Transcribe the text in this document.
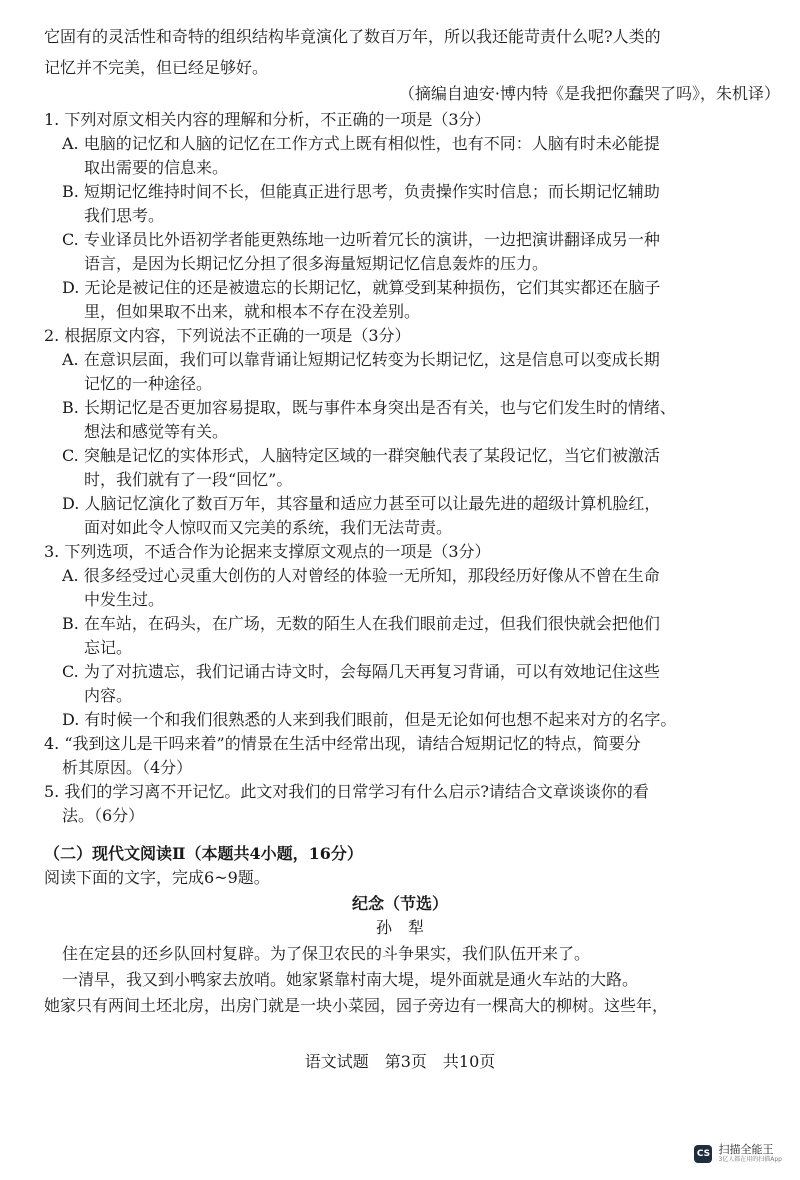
它固有的灵活性和奇特的组织结构毕竟演化了数百万年，所以我还能苛责什么呢?人类的
记忆并不完美，但已经足够好。
（摘编自迪安·博内特《是我把你蠢哭了吗》，朱机译）
1. 下列对原文相关内容的理解和分析，不正确的一项是（3分）
A. 电脑的记忆和人脑的记忆在工作方式上既有相似性，也有不同：人脑有时未必能提
取出需要的信息来。
B. 短期记忆维持时间不长，但能真正进行思考，负责操作实时信息；而长期记忆辅助
我们思考。
C. 专业译员比外语初学者能更熟练地一边听着冗长的演讲，一边把演讲翻译成另一种
语言，是因为长期记忆分担了很多海量短期记忆信息轰炸的压力。
D. 无论是被记住的还是被遗忘的长期记忆，就算受到某种损伤，它们其实都还在脑子
里，但如果取不出来，就和根本不存在没差别。
2. 根据原文内容，下列说法不正确的一项是（3分）
A. 在意识层面，我们可以靠背诵让短期记忆转变为长期记忆，这是信息可以变成长期
记忆的一种途径。
B. 长期记忆是否更加容易提取，既与事件本身突出是否有关，也与它们发生时的情绪、
想法和感觉等有关。
C. 突触是记忆的实体形式，人脑特定区域的一群突触代表了某段记忆，当它们被激活
时，我们就有了一段“回忆”。
D. 人脑记忆演化了数百万年，其容量和适应力甚至可以让最先进的超级计算机脸红，
面对如此令人惊叹而又完美的系统，我们无法苛责。
3. 下列选项，不适合作为论据来支撑原文观点的一项是（3分）
A. 很多经受过心灵重大创伤的人对曾经的体验一无所知，那段经历好像从不曾在生命
中发生过。
B. 在车站，在码头，在广场，无数的陌生人在我们眼前走过，但我们很快就会把他们
忘记。
C. 为了对抗遗忘，我们记诵古诗文时，会每隔几天再复习背诵，可以有效地记住这些
内容。
D. 有时候一个和我们很熟悉的人来到我们眼前，但是无论如何也想不起来对方的名字。
4. “我到这儿是干吗来着”的情景在生活中经常出现，请结合短期记忆的特点，简要分
析其原因。（4分）
5. 我们的学习离不开记忆。此文对我们的日常学习有什么启示?请结合文章谈谈你的看
法。（6分）
（二）现代文阅读Ⅱ（本题共4小题，16分）
阅读下面的文字，完成6~9题。
纪念（节选）
孙　犁
住在定县的还乡队回村复辟。为了保卫农民的斗争果实，我们队伍开来了。
一清早，我又到小鸭家去放哨。她家紧靠村南大堤，堤外面就是通火车站的大路。
她家只有两间土坯北房，出房门就是一块小菜园，园子旁边有一棵高大的柳树。这些年，
语文试题　第3页　共10页
CS 扫描全能王
3亿人都在用的扫描App
